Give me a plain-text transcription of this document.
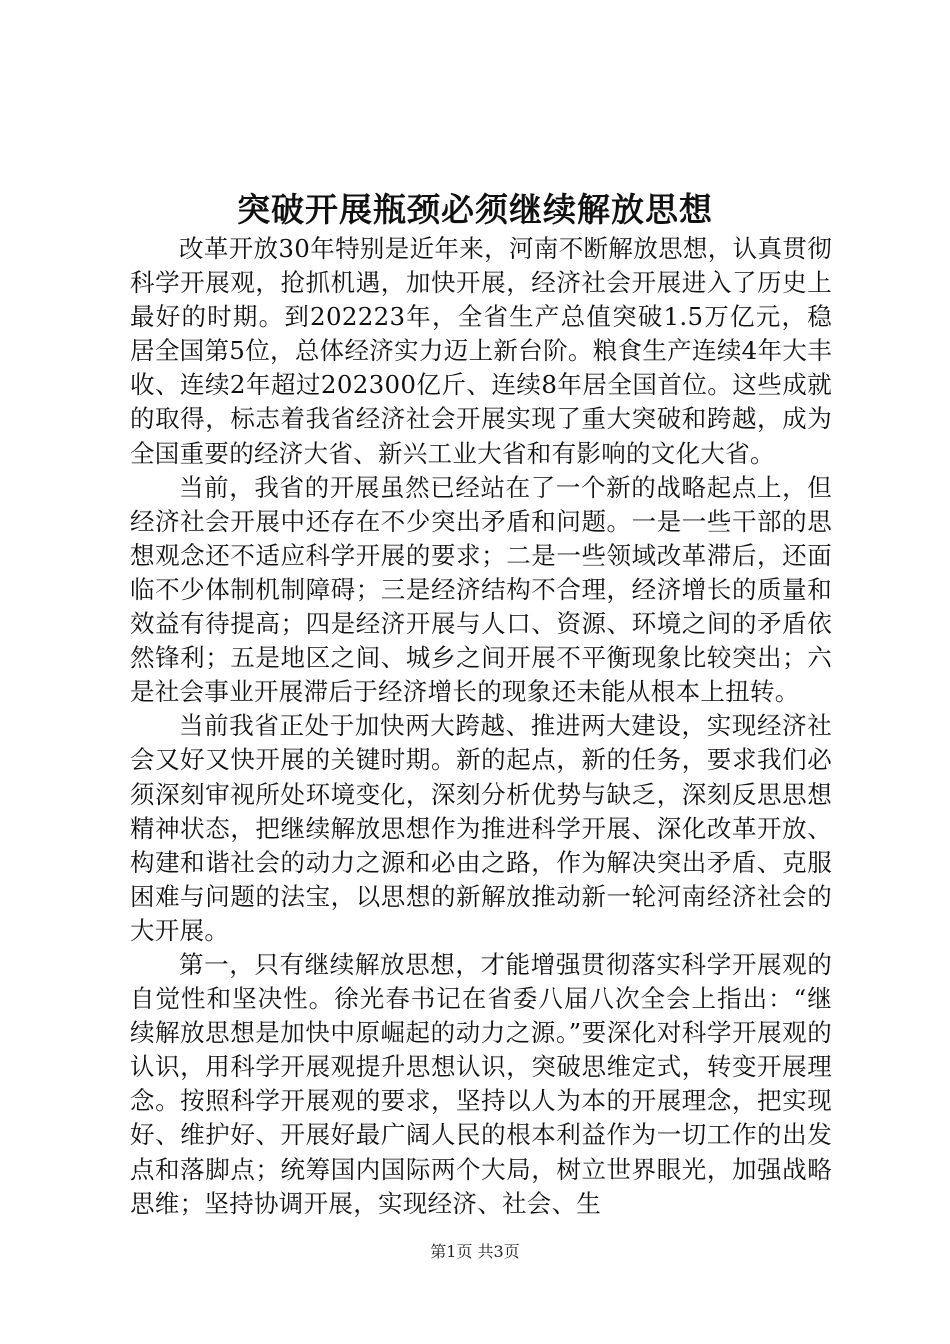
突破开展瓶颈必须继续解放思想

改革开放30年特别是近年来，河南不断解放思想，认真贯彻科学开展观，抢抓机遇，加快开展，经济社会开展进入了历史上最好的时期。到202223年，全省生产总值突破1.5万亿元，稳居全国第5位，总体经济实力迈上新台阶。粮食生产连续4年大丰收、连续2年超过202300亿斤、连续8年居全国首位。这些成就的取得，标志着我省经济社会开展实现了重大突破和跨越，成为全国重要的经济大省、新兴工业大省和有影响的文化大省。

当前，我省的开展虽然已经站在了一个新的战略起点上，但经济社会开展中还存在不少突出矛盾和问题。一是一些干部的思想观念还不适应科学开展的要求；二是一些领域改革滞后，还面临不少体制机制障碍；三是经济结构不合理，经济增长的质量和效益有待提高；四是经济开展与人口、资源、环境之间的矛盾依然锋利；五是地区之间、城乡之间开展不平衡现象比较突出；六是社会事业开展滞后于经济增长的现象还未能从根本上扭转。

当前我省正处于加快两大跨越、推进两大建设，实现经济社会又好又快开展的关键时期。新的起点，新的任务，要求我们必须深刻审视所处环境变化，深刻分析优势与缺乏，深刻反思思想精神状态，把继续解放思想作为推进科学开展、深化改革开放、构建和谐社会的动力之源和必由之路，作为解决突出矛盾、克服困难与问题的法宝，以思想的新解放推动新一轮河南经济社会的大开展。

第一，只有继续解放思想，才能增强贯彻落实科学开展观的自觉性和坚决性。徐光春书记在省委八届八次全会上指出：“继续解放思想是加快中原崛起的动力之源。”要深化对科学开展观的认识，用科学开展观提升思想认识，突破思维定式，转变开展理念。按照科学开展观的要求，坚持以人为本的开展理念，把实现好、维护好、开展好最广阔人民的根本利益作为一切工作的出发点和落脚点；统筹国内国际两个大局，树立世界眼光，加强战略思维；坚持协调开展，实现经济、社会、生

第1页 共3页
